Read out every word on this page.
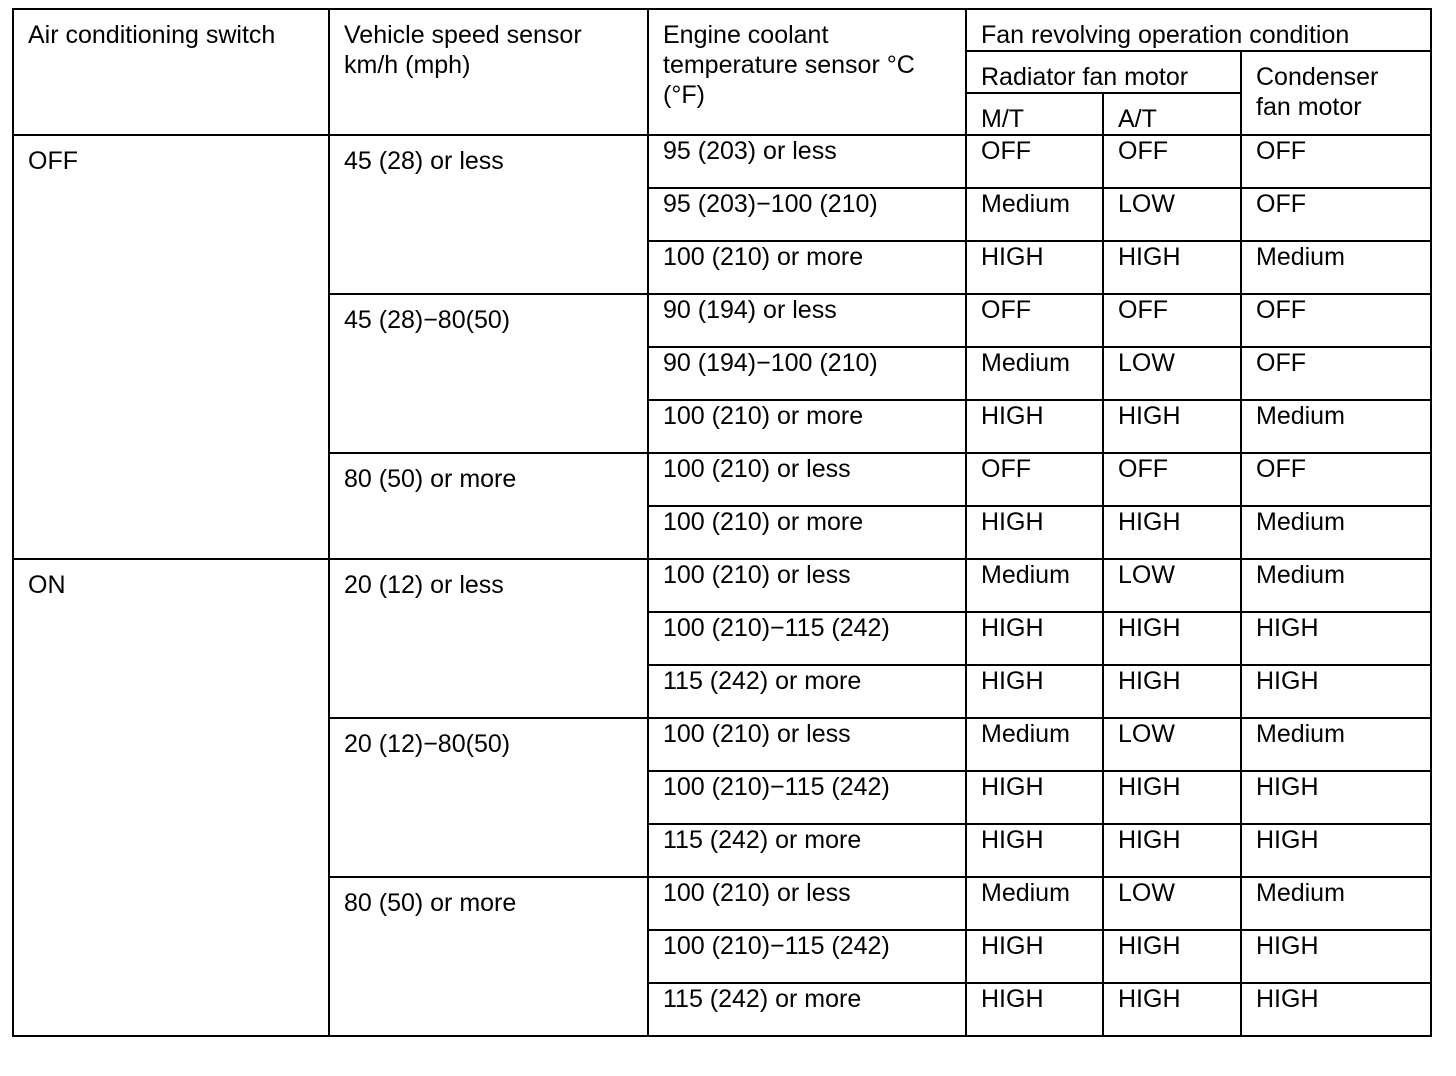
Air conditioning switch	Vehicle speed sensor km/h (mph)	Engine coolant temperature sensor °C (°F)	Fan revolving operation condition		
			Radiator fan motor		Condenser fan motor
			M/T	A/T	
OFF	45 (28) or less	95 (203) or less	OFF	OFF	OFF
		95 (203)−100 (210)	Medium	LOW	OFF
		100 (210) or more	HIGH	HIGH	Medium
	45 (28)−80(50)	90 (194) or less	OFF	OFF	OFF
		90 (194)−100 (210)	Medium	LOW	OFF
		100 (210) or more	HIGH	HIGH	Medium
	80 (50) or more	100 (210) or less	OFF	OFF	OFF
		100 (210) or more	HIGH	HIGH	Medium
ON	20 (12) or less	100 (210) or less	Medium	LOW	Medium
		100 (210)−115 (242)	HIGH	HIGH	HIGH
		115 (242) or more	HIGH	HIGH	HIGH
	20 (12)−80(50)	100 (210) or less	Medium	LOW	Medium
		100 (210)−115 (242)	HIGH	HIGH	HIGH
		115 (242) or more	HIGH	HIGH	HIGH
	80 (50) or more	100 (210) or less	Medium	LOW	Medium
		100 (210)−115 (242)	HIGH	HIGH	HIGH
		115 (242) or more	HIGH	HIGH	HIGH
